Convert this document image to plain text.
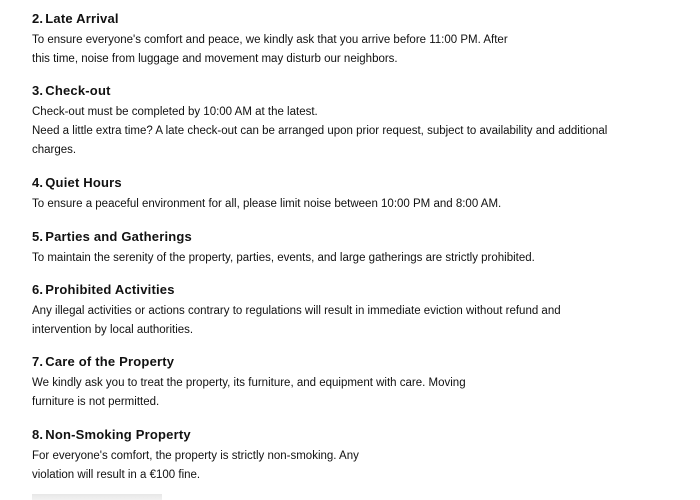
2. Late Arrival

To ensure everyone's comfort and peace, we kindly ask that you arrive before 11:00 PM. After
this time, noise from luggage and movement may disturb our neighbors.

3. Check-out

Check-out must be completed by 10:00 AM at the latest.
Need a little extra time? A late check-out can be arranged upon prior request, subject to availability and additional
charges.

4. Quiet Hours

To ensure a peaceful environment for all, please limit noise between 10:00 PM and 8:00 AM.

5. Parties and Gatherings

To maintain the serenity of the property, parties, events, and large gatherings are strictly prohibited.

6. Prohibited Activities

Any illegal activities or actions contrary to regulations will result in immediate eviction without refund and
intervention by local authorities.

7. Care of the Property

We kindly ask you to treat the property, its furniture, and equipment with care. Moving
furniture is not permitted.

8. Non-Smoking Property

For everyone's comfort, the property is strictly non-smoking. Any
violation will result in a €100 fine.
